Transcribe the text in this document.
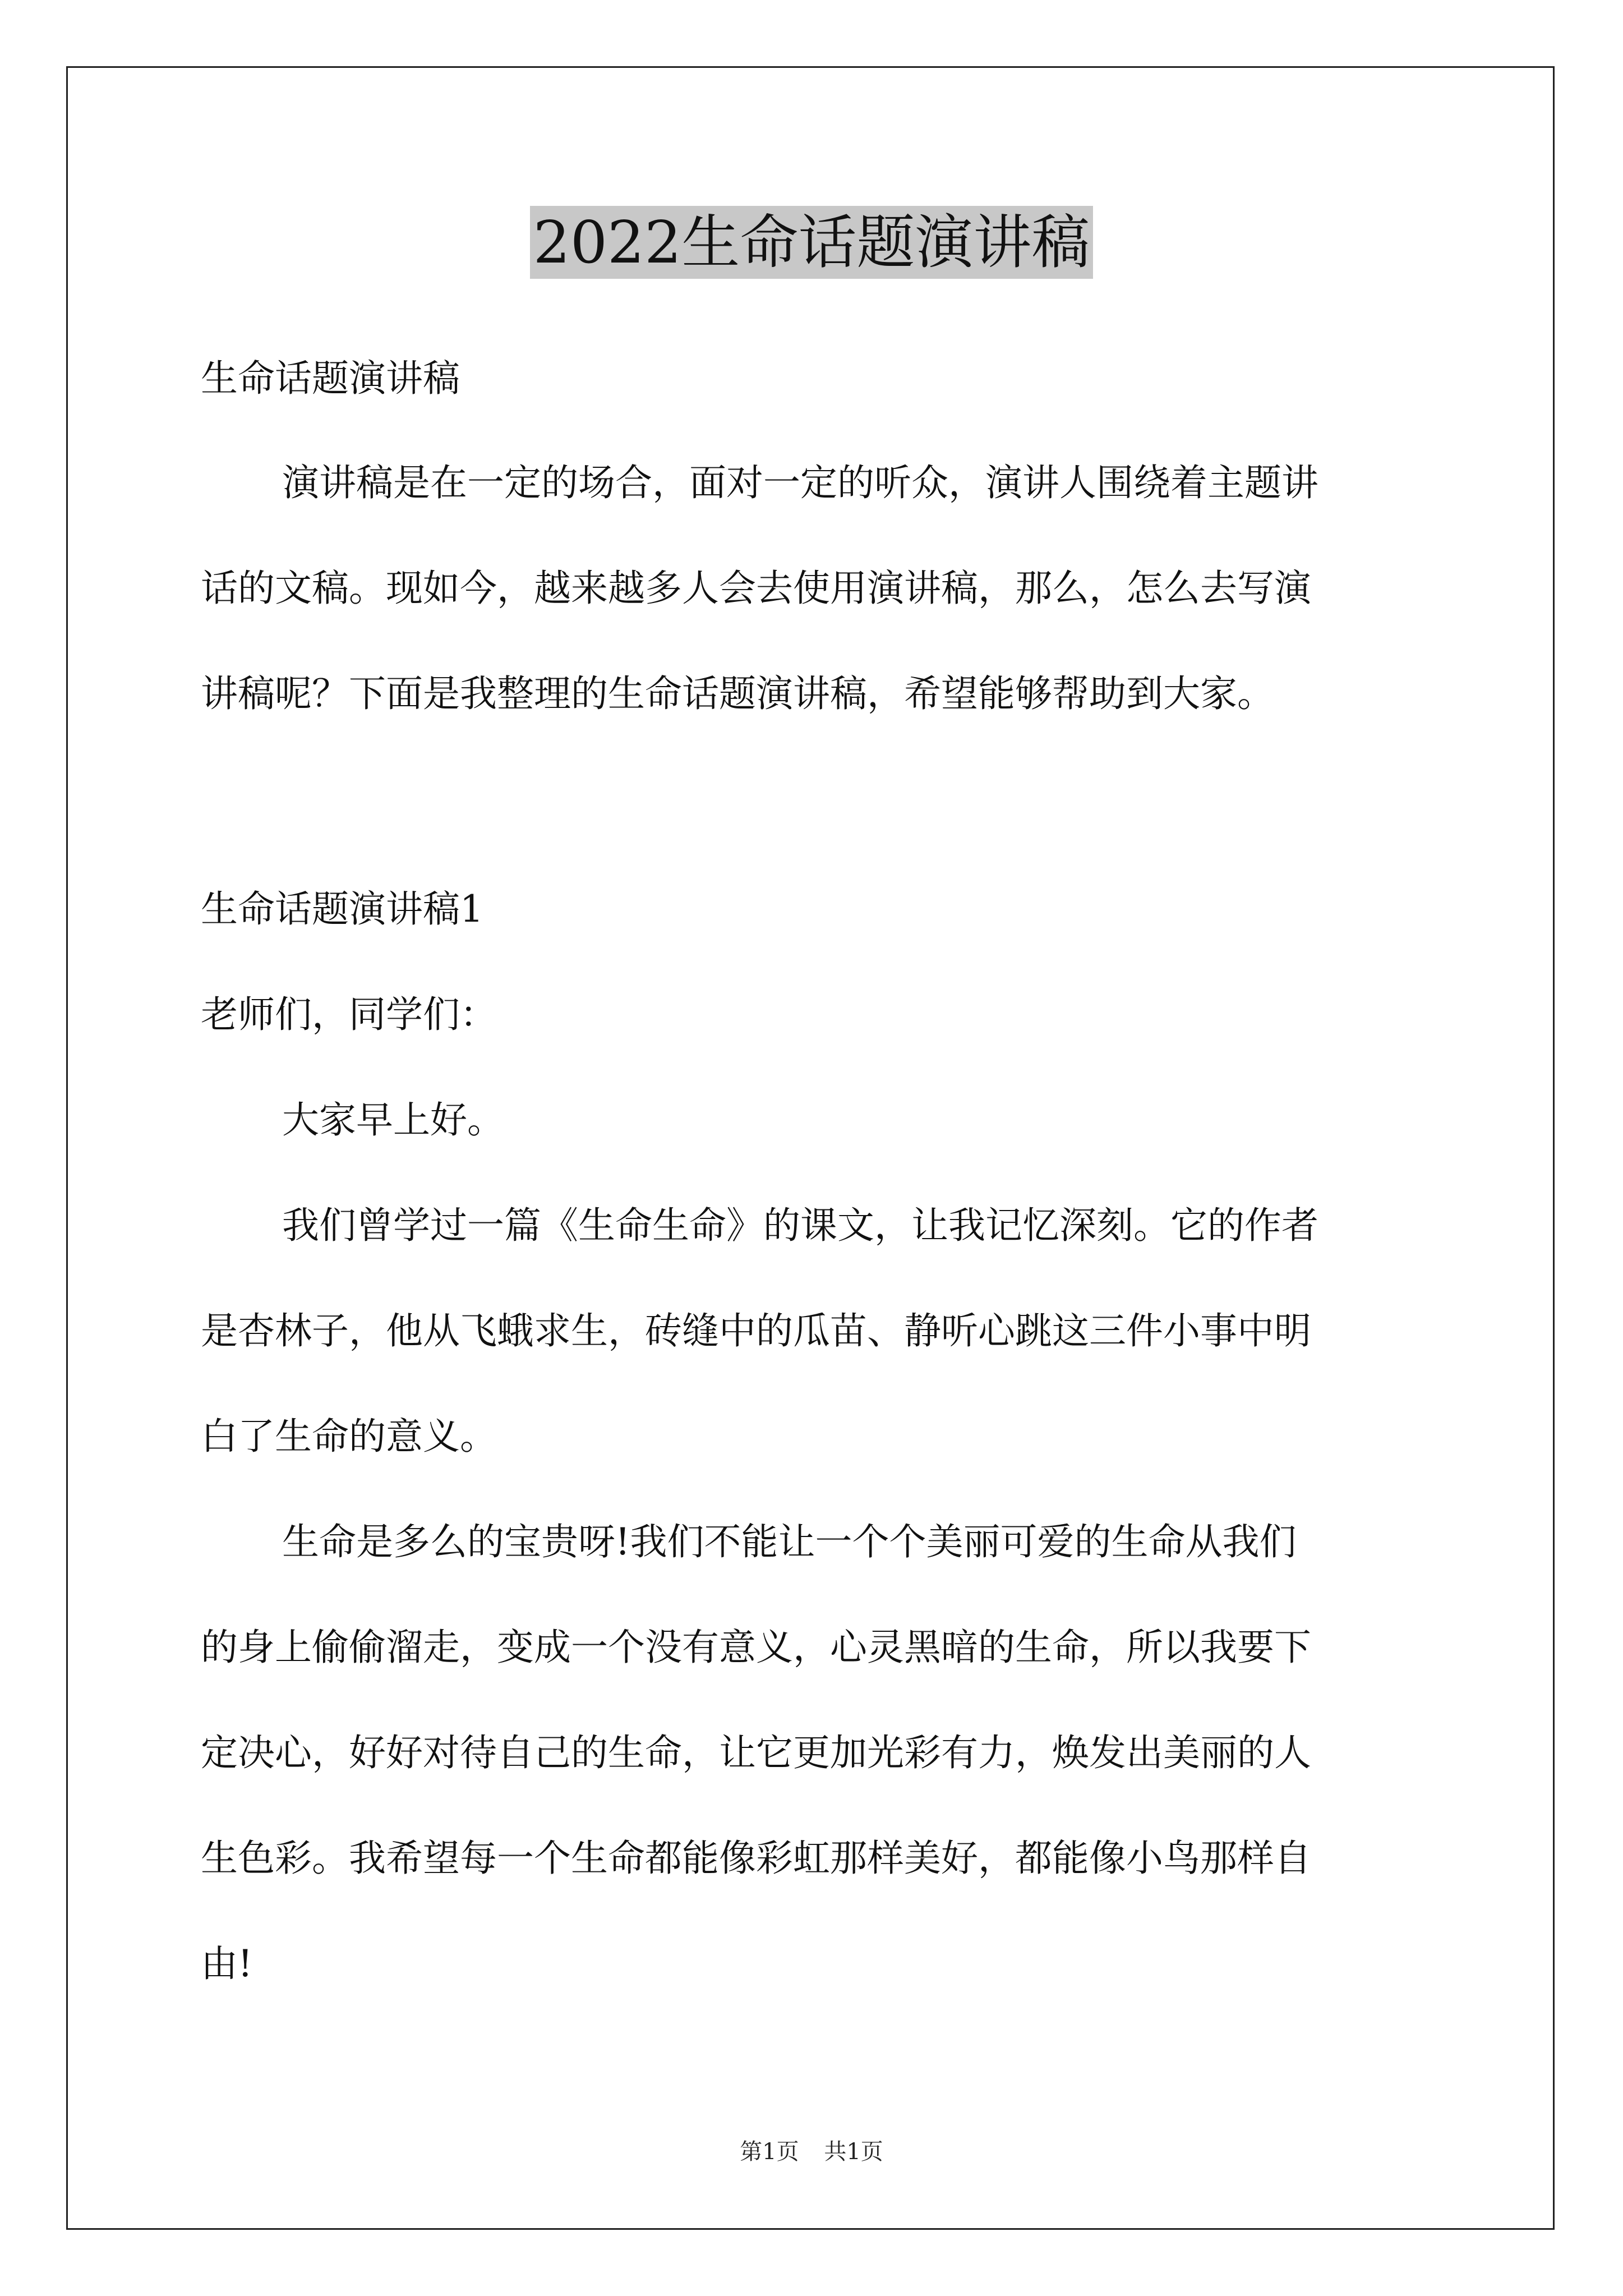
2022生命话题演讲稿
生命话题演讲稿
演讲稿是在一定的场合，面对一定的听众，演讲人围绕着主题讲
话的文稿。现如今，越来越多人会去使用演讲稿，那么，怎么去写演
讲稿呢？下面是我整理的生命话题演讲稿，希望能够帮助到大家。
生命话题演讲稿1
老师们，同学们：
大家早上好。
我们曾学过一篇《生命生命》的课文，让我记忆深刻。它的作者
是杏林子，他从飞蛾求生，砖缝中的瓜苗、静听心跳这三件小事中明
白了生命的意义。
生命是多么的宝贵呀!我们不能让一个个美丽可爱的生命从我们
的身上偷偷溜走，变成一个没有意义，心灵黑暗的生命，所以我要下
定决心，好好对待自己的生命，让它更加光彩有力，焕发出美丽的人
生色彩。我希望每一个生命都能像彩虹那样美好，都能像小鸟那样自
由!
第1页 共1页
